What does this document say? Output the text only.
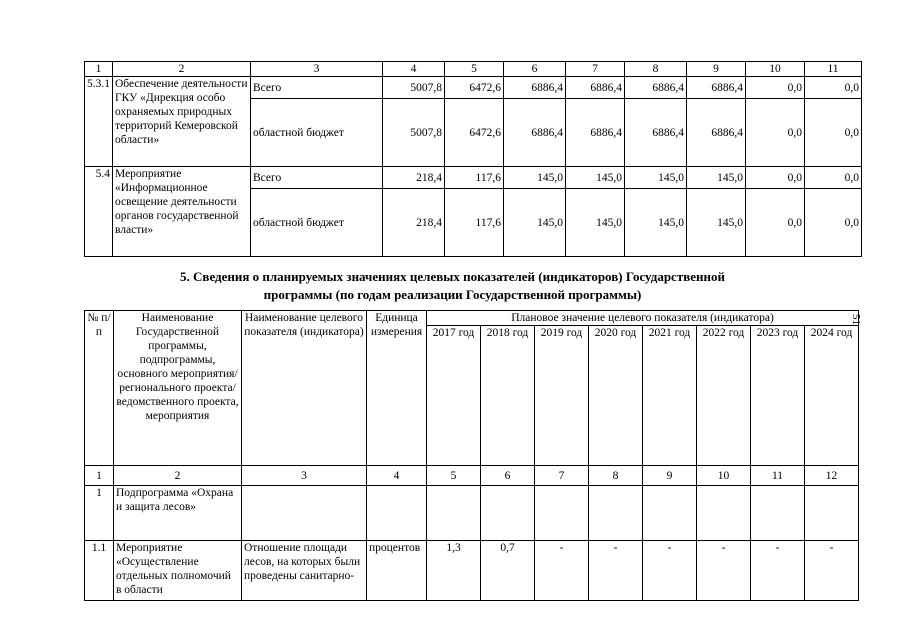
1	2	3	4	5	6	7	8	9	10	11
5.3.1	Обеспечение деятельности ГКУ «Дирекция особо охраняемых природных территорий Кемеровской области»	Всего	5007,8	6472,6	6886,4	6886,4	6886,4	6886,4	0,0	0,0
		областной бюджет	5007,8	6472,6	6886,4	6886,4	6886,4	6886,4	0,0	0,0
5.4	Мероприятие «Информационное освещение деятельности органов государственной власти»	Всего	218,4	117,6	145,0	145,0	145,0	145,0	0,0	0,0
		областной бюджет	218,4	117,6	145,0	145,0	145,0	145,0	0,0	0,0
5. Сведения о планируемых значениях целевых показателей (индикаторов) Государственной
программы (по годам реализации Государственной программы)
51
№ п/п	Наименование Государственной программы, подпрограммы, основного мероприятия/ регионального проекта/ ведомственного проекта, мероприятия	Наименование целевого показателя (индикатора)	Единица измерения	Плановое значение целевого показателя (индикатора)							
				2017 год	2018 год	2019 год	2020 год	2021 год	2022 год	2023 год	2024 год
1	2	3	4	5	6	7	8	9	10	11	12
1	Подпрограмма «Охрана и защита лесов»										
1.1	Мероприятие «Осуществление отдельных полномочий в области	Отношение площади лесов, на которых были проведены санитарно-	процентов	1,3	0,7	-	-	-	-	-	-
